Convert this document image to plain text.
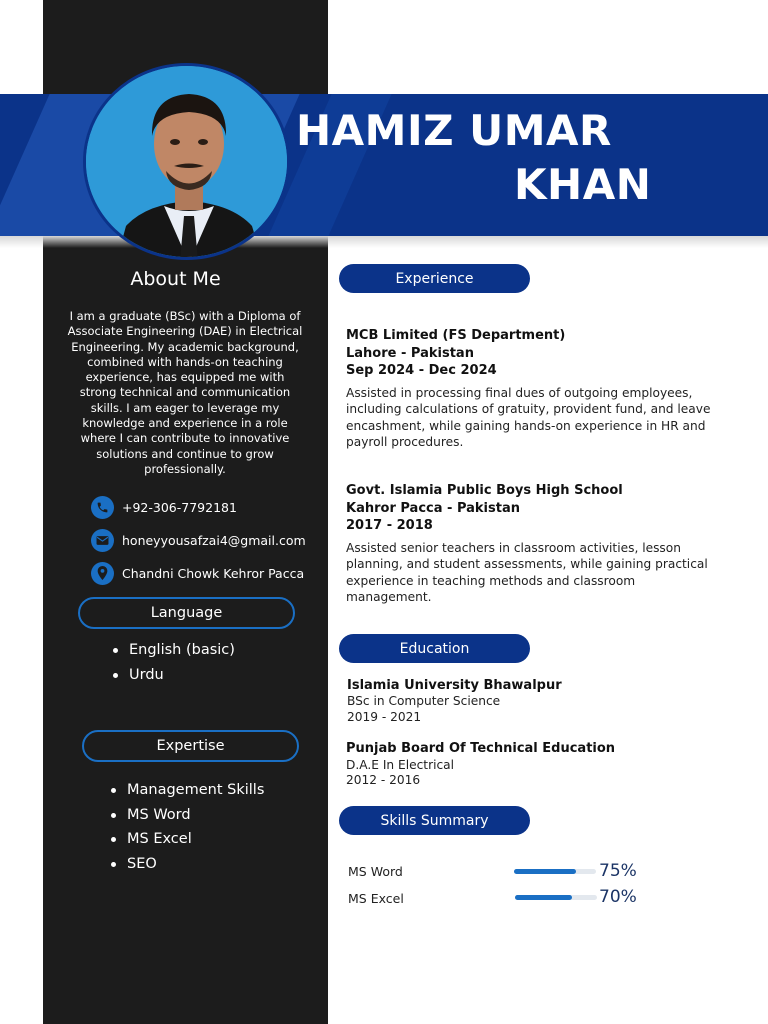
HAMIZ UMAR
KHAN
About Me
I am a graduate (BSc) with a Diploma of Associate Engineering (DAE) in Electrical Engineering. My academic background, combined with hands-on teaching experience, has equipped me with strong technical and communication skills. I am eager to leverage my knowledge and experience in a role where I can contribute to innovative solutions and continue to grow professionally.
+92-306-7792181
honeyyousafzai4@gmail.com
Chandni Chowk Kehror Pacca
Language
English (basic)
Urdu
Expertise
Management Skills
MS Word
MS Excel
SEO
Experience
MCB Limited (FS Department)
Lahore - Pakistan
Sep 2024 - Dec 2024
Assisted in processing final dues of outgoing employees, including calculations of gratuity, provident fund, and leave encashment, while gaining hands-on experience in HR and payroll procedures.
Govt. Islamia Public Boys High School
Kahror Pacca - Pakistan
2017 - 2018
Assisted senior teachers in classroom activities, lesson planning, and student assessments, while gaining practical experience in teaching methods and classroom management.
Education
Islamia University Bhawalpur
BSc in Computer Science
2019 - 2021
Punjab Board Of Technical Education
D.A.E In Electrical
2012 - 2016
Skills Summary
MS Word	75%
MS Excel	70%
